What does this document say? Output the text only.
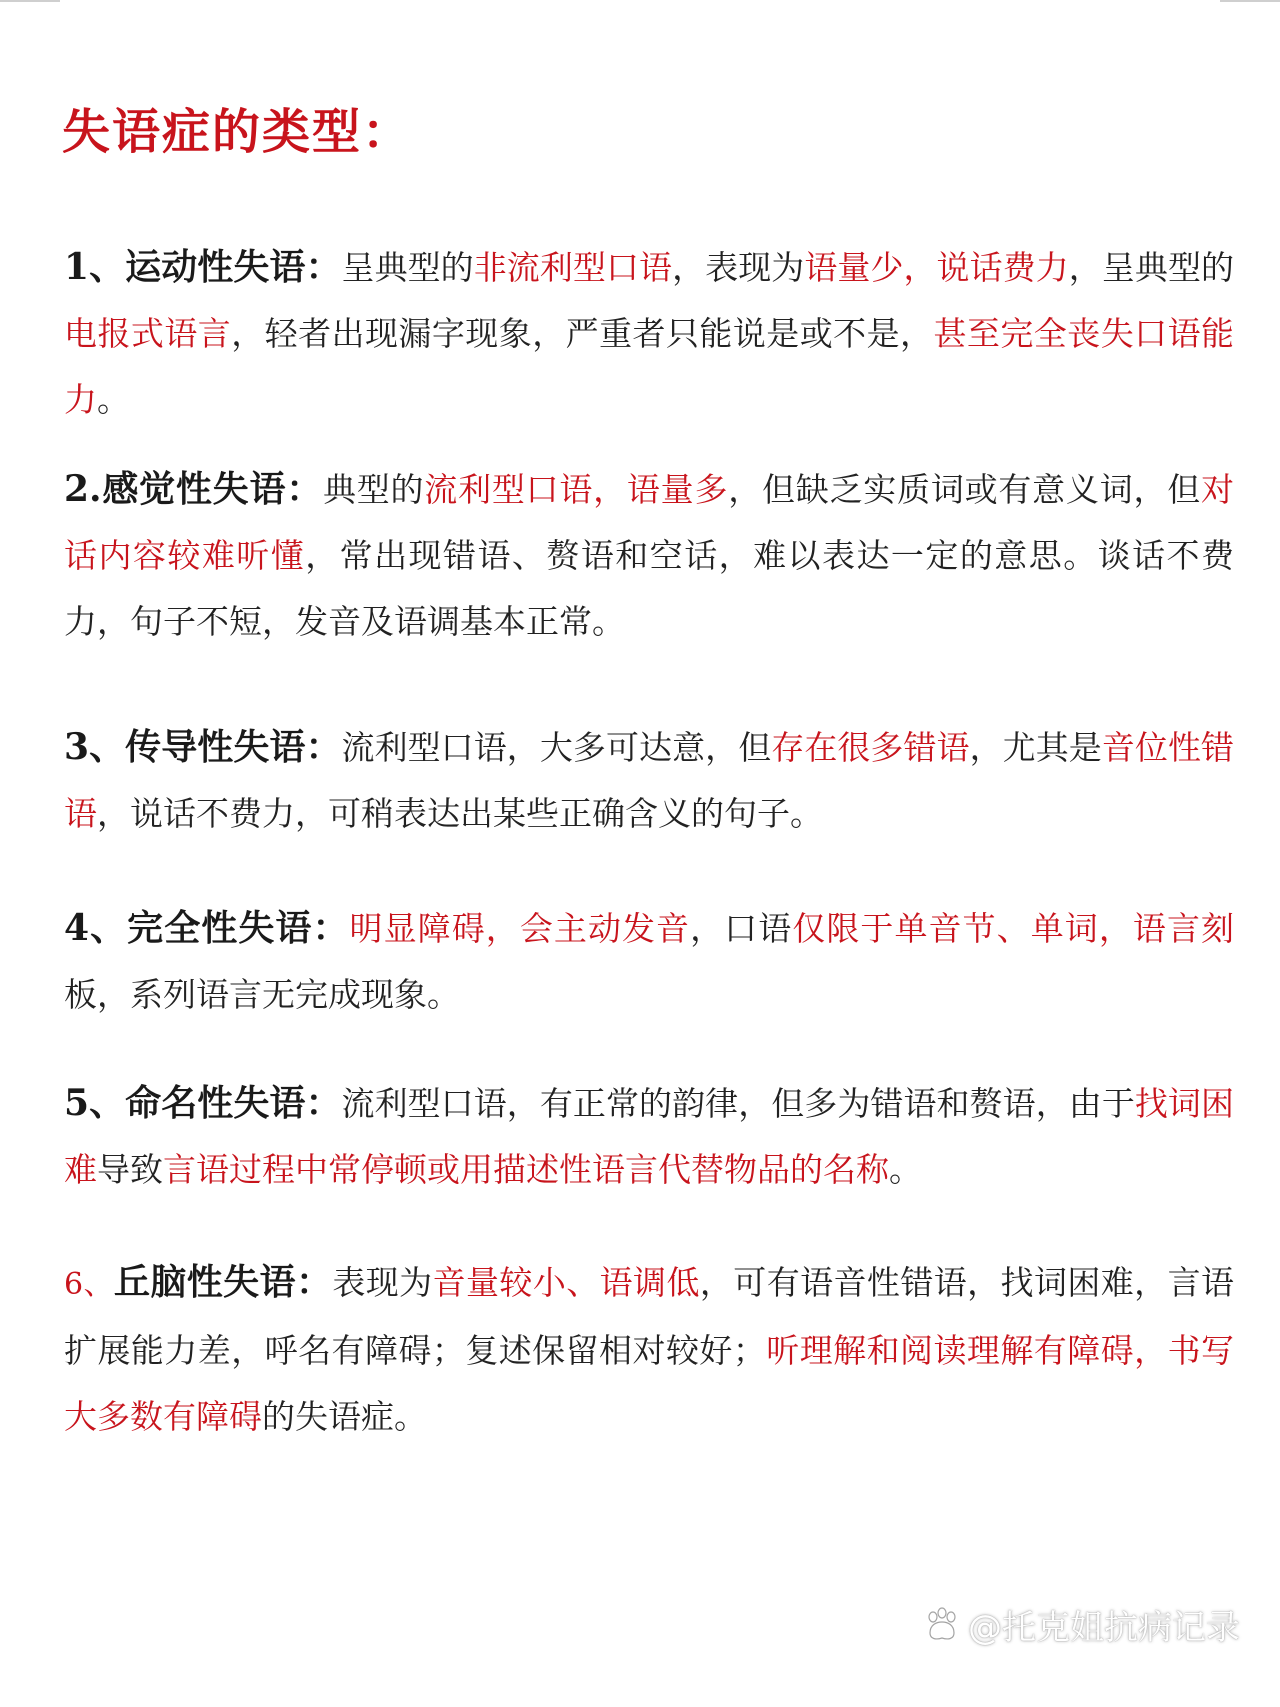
失语症的类型：

1、运动性失语：呈典型的非流利型口语，表现为语量少，说话费力，呈典型的电报式语言，轻者出现漏字现象，严重者只能说是或不是，甚至完全丧失口语能力。

2.感觉性失语：典型的流利型口语，语量多，但缺乏实质词或有意义词，但对话内容较难听懂，常出现错语、赘语和空话，难以表达一定的意思。谈话不费力，句子不短，发音及语调基本正常。

3、传导性失语：流利型口语，大多可达意，但存在很多错语，尤其是音位性错语，说话不费力，可稍表达出某些正确含义的句子。

4、完全性失语：明显障碍，会主动发音，口语仅限于单音节、单词，语言刻板，系列语言无完成现象。

5、命名性失语：流利型口语，有正常的韵律，但多为错语和赘语，由于找词困难导致言语过程中常停顿或用描述性语言代替物品的名称。

6、丘脑性失语：表现为音量较小、语调低，可有语音性错语，找词困难，言语扩展能力差，呼名有障碍；复述保留相对较好；听理解和阅读理解有障碍，书写大多数有障碍的失语症。

@托克姐抗病记录
